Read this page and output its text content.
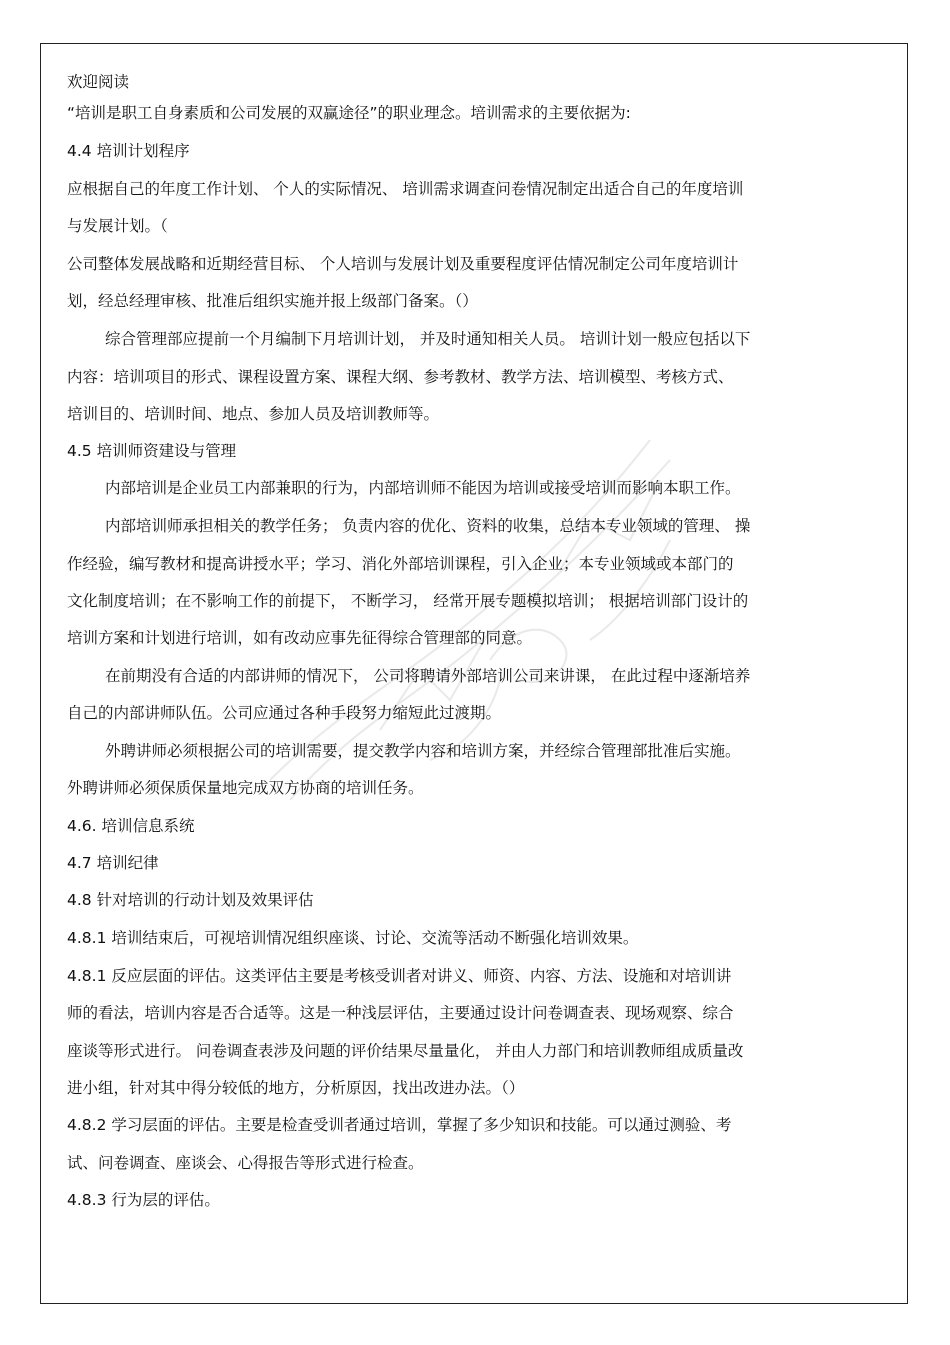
欢迎阅读
“培训是职工自身素质和公司发展的双赢途径”的职业理念。培训需求的主要依据为:
4.4 培训计划程序
应根据自己的年度工作计划、 个人的实际情况、 培训需求调查问卷情况制定出适合自己的年度培训
与发展计划。（
公司整体发展战略和近期经营目标、 个人培训与发展计划及重要程度评估情况制定公司年度培训计
划，经总经理审核、批准后组织实施并报上级部门备案。（）
综合管理部应提前一个月编制下月培训计划， 并及时通知相关人员。 培训计划一般应包括以下
内容：培训项目的形式、课程设置方案、课程大纲、参考教材、教学方法、培训模型、考核方式、
培训目的、培训时间、地点、参加人员及培训教师等。
4.5 培训师资建设与管理
内部培训是企业员工内部兼职的行为，内部培训师不能因为培训或接受培训而影响本职工作。
内部培训师承担相关的教学任务； 负责内容的优化、资料的收集，总结本专业领域的管理、 操
作经验，编写教材和提高讲授水平；学习、消化外部培训课程，引入企业；本专业领域或本部门的
文化制度培训；在不影响工作的前提下， 不断学习， 经常开展专题模拟培训； 根据培训部门设计的
培训方案和计划进行培训，如有改动应事先征得综合管理部的同意。
在前期没有合适的内部讲师的情况下， 公司将聘请外部培训公司来讲课， 在此过程中逐渐培养
自己的内部讲师队伍。公司应通过各种手段努力缩短此过渡期。
外聘讲师必须根据公司的培训需要，提交教学内容和培训方案，并经综合管理部批准后实施。
外聘讲师必须保质保量地完成双方协商的培训任务。
4.6. 培训信息系统
4.7 培训纪律
4.8 针对培训的行动计划及效果评估
4.8.1 培训结束后，可视培训情况组织座谈、讨论、交流等活动不断强化培训效果。
4.8.1 反应层面的评估。这类评估主要是考核受训者对讲义、师资、内容、方法、设施和对培训讲
师的看法，培训内容是否合适等。这是一种浅层评估，主要通过设计问卷调查表、现场观察、综合
座谈等形式进行。 问卷调查表涉及问题的评价结果尽量量化， 并由人力部门和培训教师组成质量改
进小组，针对其中得分较低的地方，分析原因，找出改进办法。（）
4.8.2 学习层面的评估。主要是检查受训者通过培训，掌握了多少知识和技能。可以通过测验、考
试、问卷调查、座谈会、心得报告等形式进行检查。
4.8.3 行为层的评估。
